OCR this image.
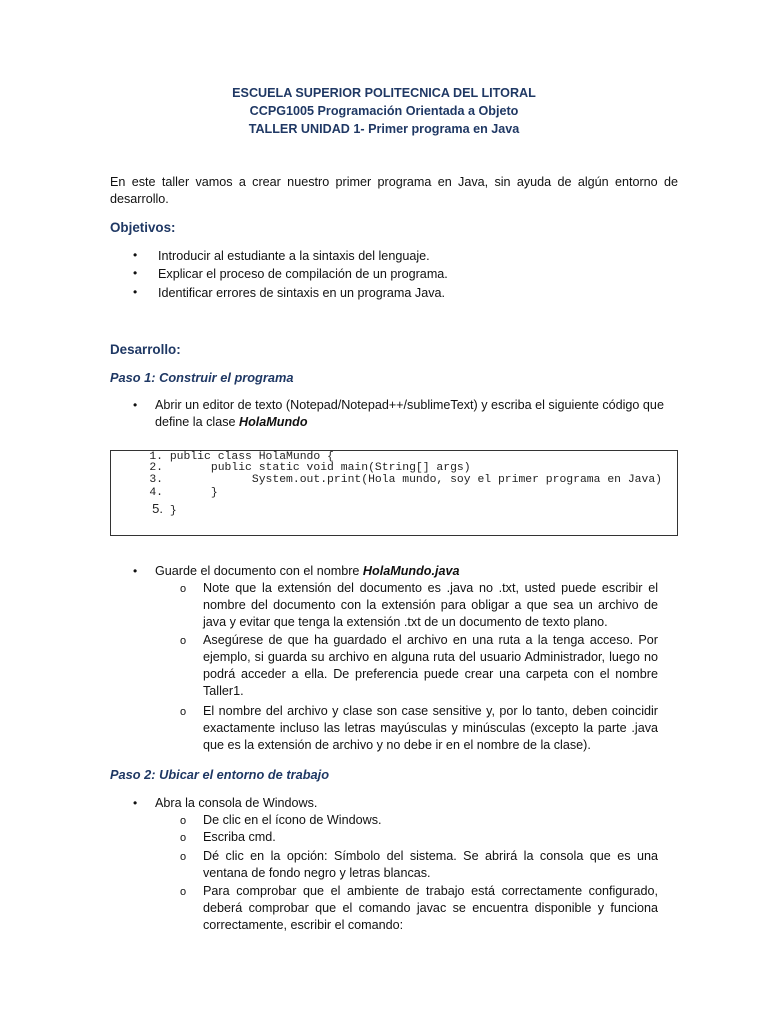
ESCUELA SUPERIOR POLITECNICA DEL LITORAL
CCPG1005 Programación Orientada a Objeto
TALLER UNIDAD 1- Primer programa en Java
En este taller vamos a crear nuestro primer programa en Java, sin ayuda de algún entorno de desarrollo.
Objetivos:
• Introducir al estudiante a la sintaxis del lenguaje.
• Explicar el proceso de compilación de un programa.
• Identificar errores de sintaxis en un programa Java.
Desarrollo:
Paso 1: Construir el programa
• Abrir un editor de texto (Notepad/Notepad++/sublimeText) y escriba el siguiente código que define la clase HolaMundo
1. public class HolaMundo {
2.       public static void main(String[] args)
3.             System.out.print(Hola mundo, soy el primer programa en Java)
4.       }
5. }
• Guarde el documento con el nombre HolaMundo.java
o Note que la extensión del documento es .java no .txt, usted puede escribir el nombre del documento con la extensión para obligar a que sea un archivo de java y evitar que tenga la extensión .txt de un documento de texto plano.
o Asegúrese de que ha guardado el archivo en una ruta a la tenga acceso. Por ejemplo, si guarda su archivo en alguna ruta del usuario Administrador, luego no podrá acceder a ella. De preferencia puede crear una carpeta con el nombre Taller1.
o El nombre del archivo y clase son case sensitive y, por lo tanto, deben coincidir exactamente incluso las letras mayúsculas y minúsculas (excepto la parte .java que es la extensión de archivo y no debe ir en el nombre de la clase).
Paso 2: Ubicar el entorno de trabajo
• Abra la consola de Windows.
o De clic en el ícono de Windows.
o Escriba cmd.
o Dé clic en la opción: Símbolo del sistema. Se abrirá la consola que es una ventana de fondo negro y letras blancas.
o Para comprobar que el ambiente de trabajo está correctamente configurado, deberá comprobar que el comando javac se encuentra disponible y funciona correctamente, escribir el comando:
